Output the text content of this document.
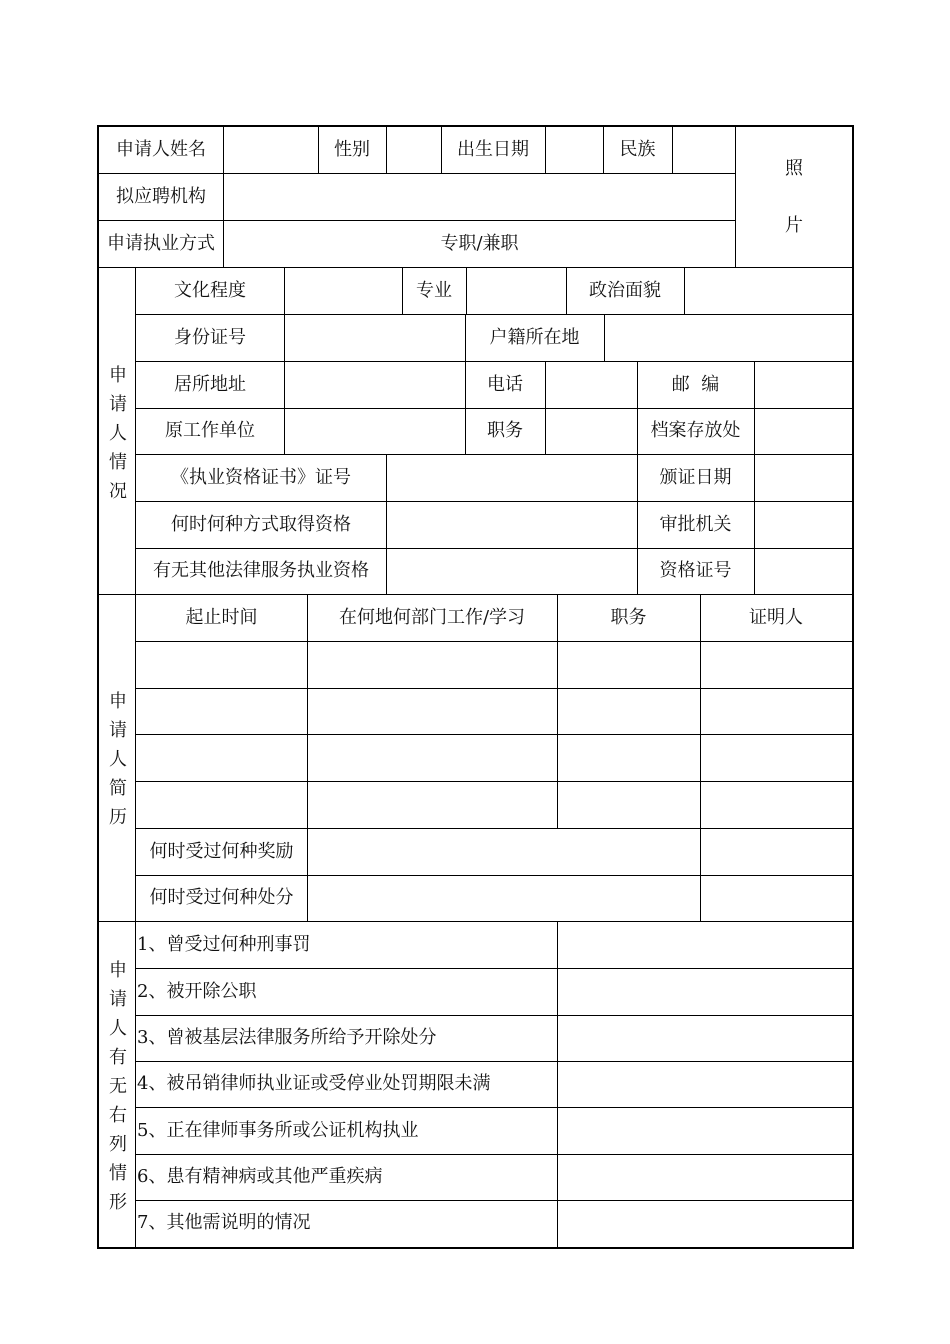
申请人姓名	性别	出生日期	民族
照
片
拟应聘机构
申请执业方式	专职/兼职
申
请
人
情
况
文化程度	专业	政治面貌
身份证号	户籍所在地
居所地址	电话	邮  编
原工作单位	职务	档案存放处
《执业资格证书》证号	颁证日期
何时何种方式取得资格	审批机关
有无其他法律服务执业资格	资格证号
申
请
人
简
历
起止时间	在何地何部门工作/学习	职务	证明人
何时受过何种奖励
何时受过何种处分
申
请
人
有
无
右
列
情
形
1、曾受过何种刑事罚
2、被开除公职
3、曾被基层法律服务所给予开除处分
4、被吊销律师执业证或受停业处罚期限未满
5、正在律师事务所或公证机构执业
6、患有精神病或其他严重疾病
7、其他需说明的情况
